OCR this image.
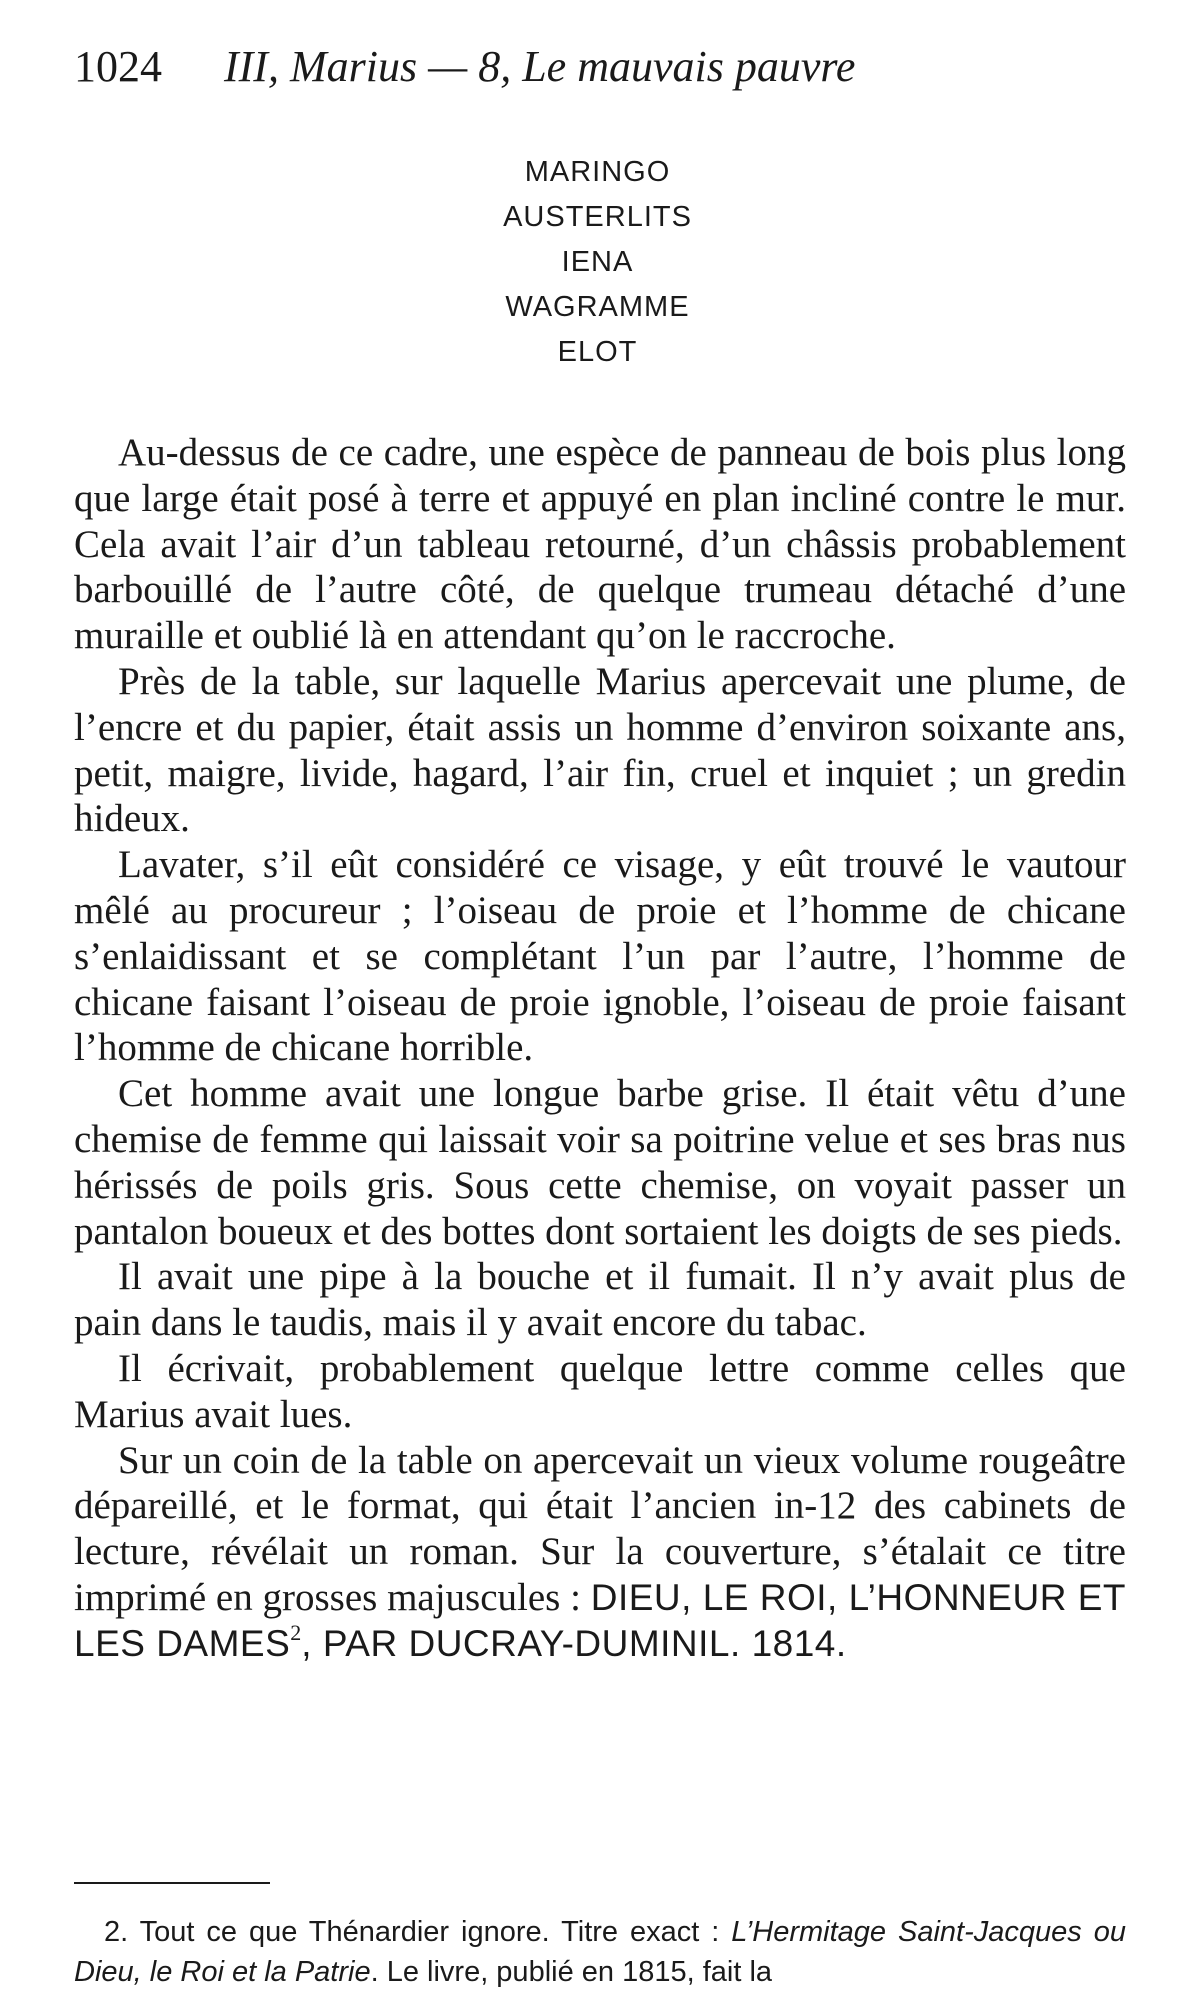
1024 III, Marius — 8, Le mauvais pauvre
MARINGO
AUSTERLITS
IENA
WAGRAMME
ELOT

Au-dessus de ce cadre, une espèce de panneau de bois plus long que large était posé à terre et appuyé en plan incliné contre le mur. Cela avait l’air d’un tableau retourné, d’un châssis probablement barbouillé de l’autre côté, de quelque trumeau détaché d’une muraille et oublié là en attendant qu’on le raccroche.

Près de la table, sur laquelle Marius apercevait une plume, de l’encre et du papier, était assis un homme d’environ soixante ans, petit, maigre, livide, hagard, l’air fin, cruel et inquiet ; un gredin hideux.

Lavater, s’il eût considéré ce visage, y eût trouvé le vautour mêlé au procureur ; l’oiseau de proie et l’homme de chicane s’enlaidissant et se complétant l’un par l’autre, l’homme de chicane faisant l’oiseau de proie ignoble, l’oiseau de proie faisant l’homme de chicane horrible.

Cet homme avait une longue barbe grise. Il était vêtu d’une chemise de femme qui laissait voir sa poitrine velue et ses bras nus hérissés de poils gris. Sous cette chemise, on voyait passer un pantalon boueux et des bottes dont sortaient les doigts de ses pieds.

Il avait une pipe à la bouche et il fumait. Il n’y avait plus de pain dans le taudis, mais il y avait encore du tabac.

Il écrivait, probablement quelque lettre comme celles que Marius avait lues.

Sur un coin de la table on apercevait un vieux volume rougeâtre dépareillé, et le format, qui était l’ancien in-12 des cabinets de lecture, révélait un roman. Sur la couverture, s’étalait ce titre imprimé en grosses majuscules : DIEU, LE ROI, L’HONNEUR ET LES DAMES$^2$, PAR DUCRAY-DUMINIL. 1814.

2. Tout ce que Thénardier ignore. Titre exact : L’Hermitage Saint-Jacques ou Dieu, le Roi et la Patrie. Le livre, publié en 1815, fait la
